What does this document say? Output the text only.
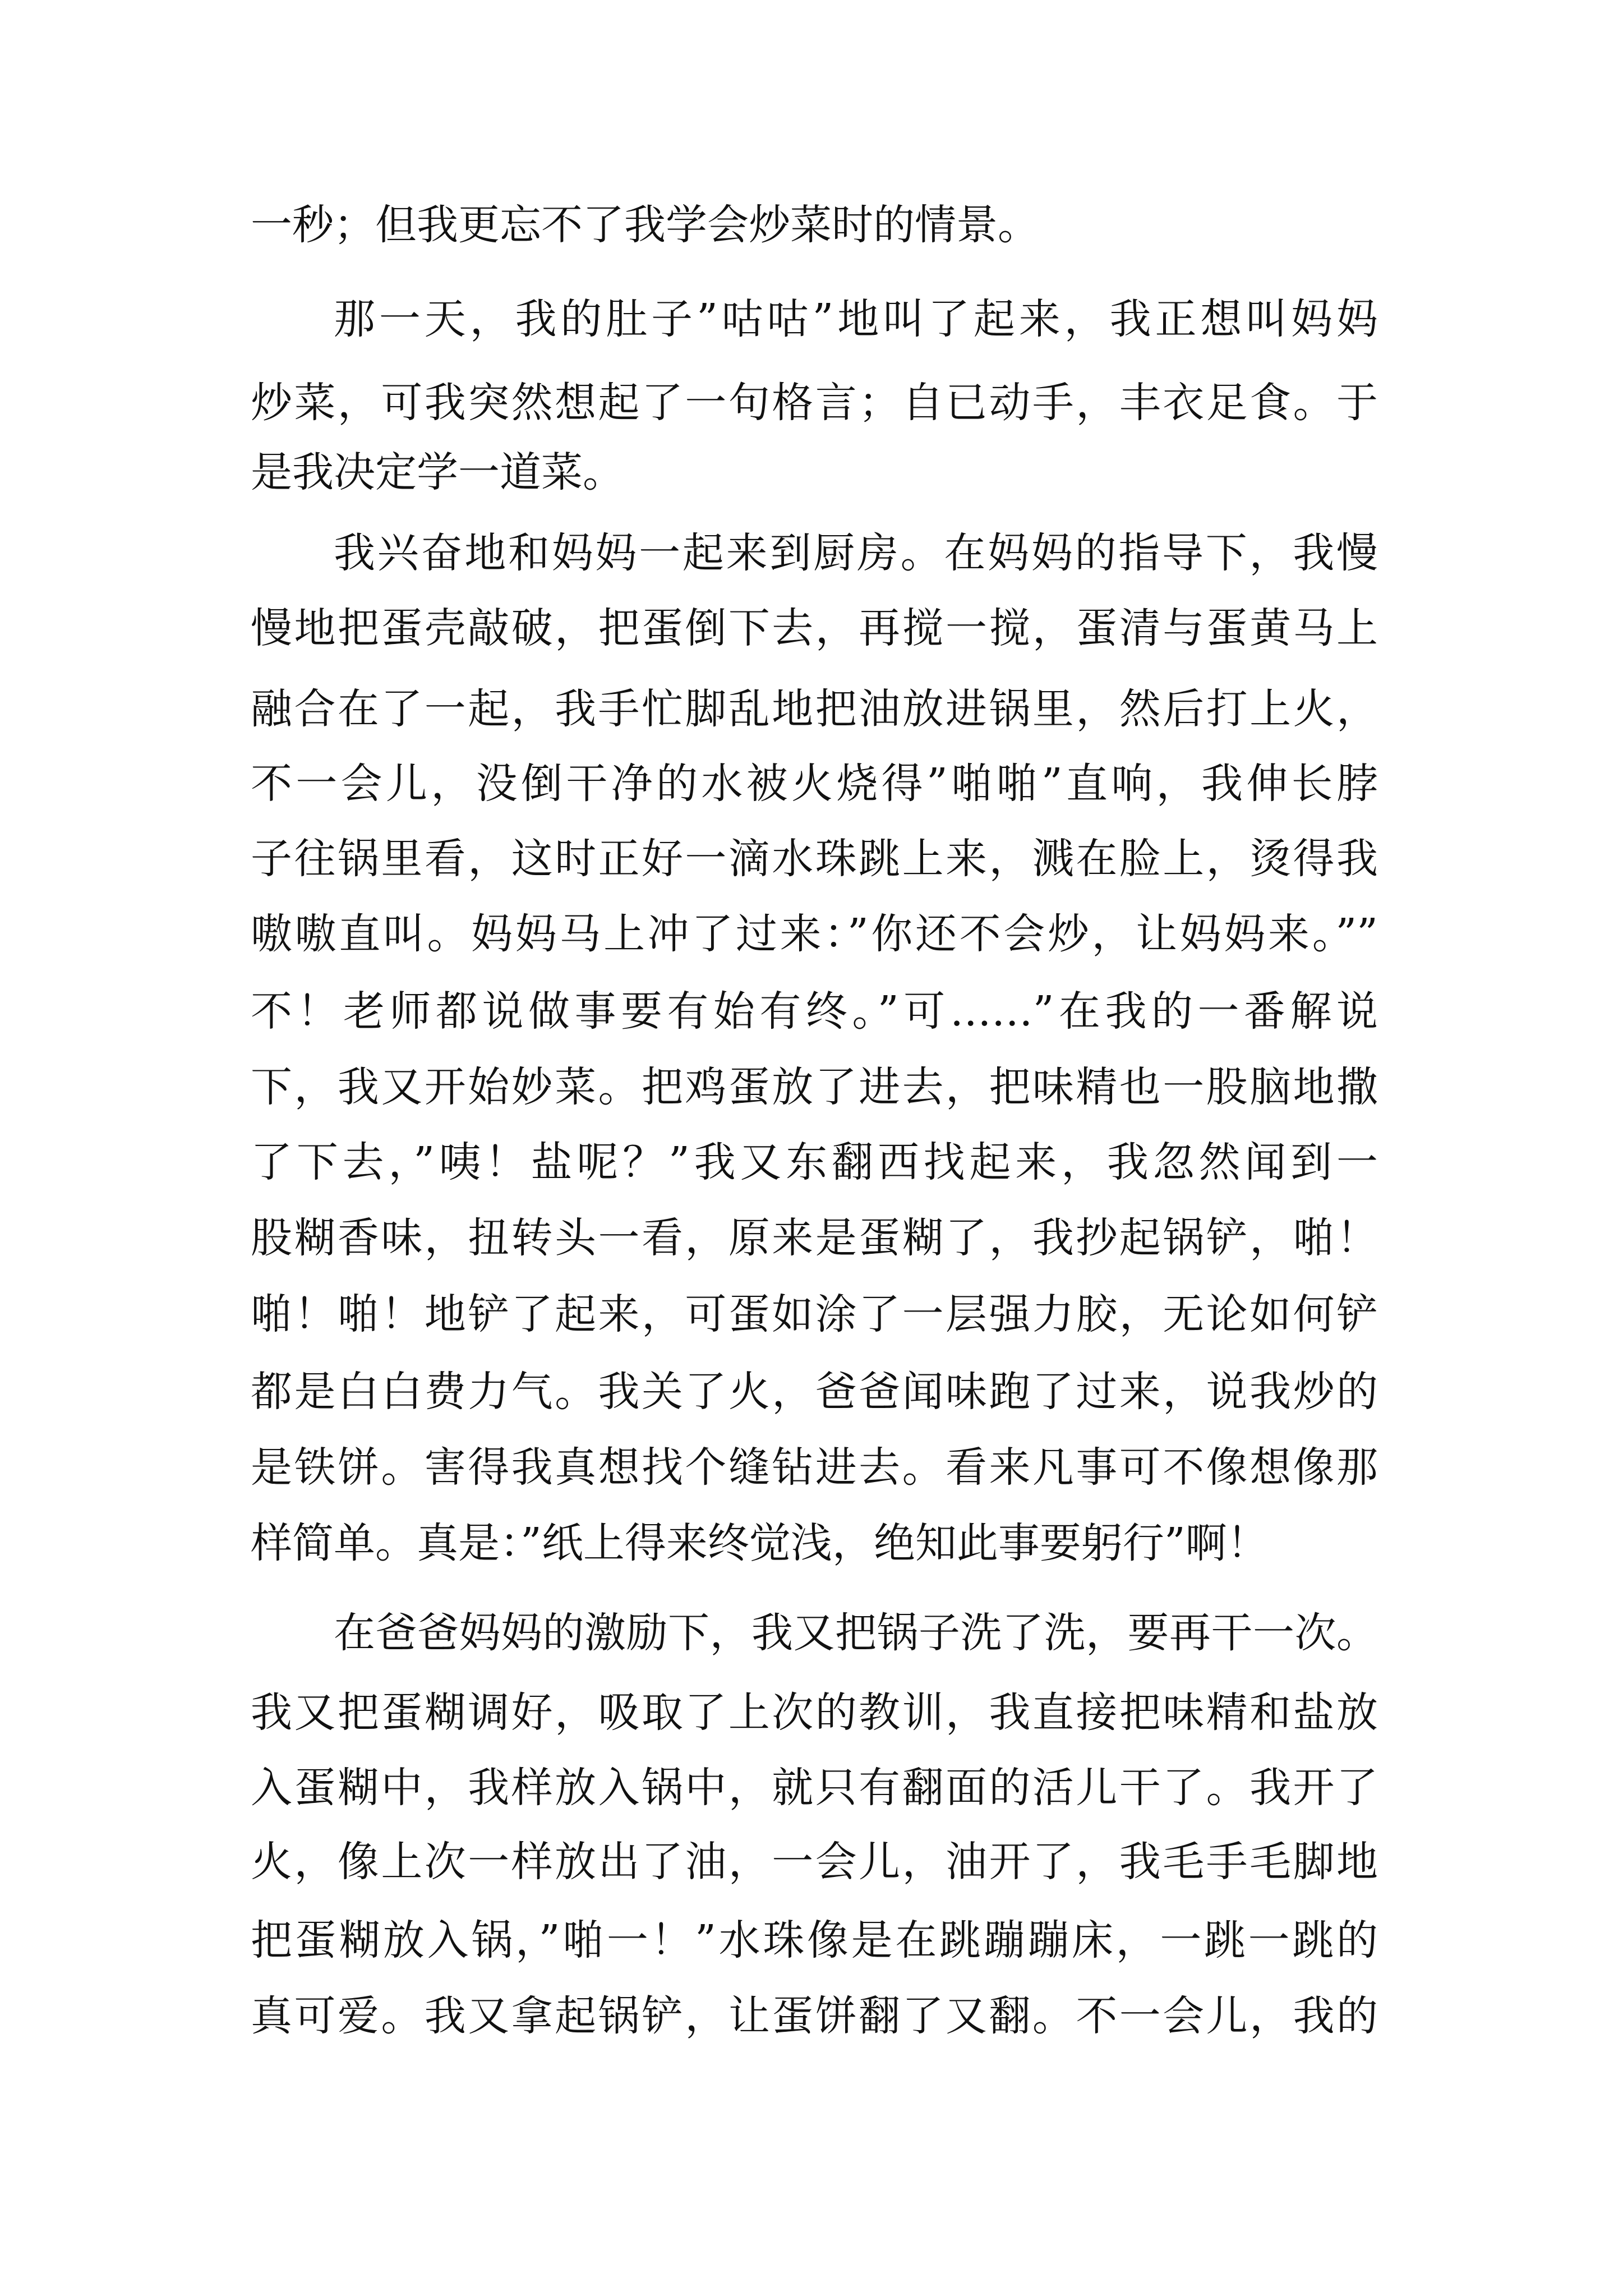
一秒；但我更忘不了我学会炒菜时的情景。
那一天，我的肚子”咕咕”地叫了起来，我正想叫妈妈
炒菜，可我突然想起了一句格言；自已动手，丰衣足食。于
是我决定学一道菜。
我兴奋地和妈妈一起来到厨房。在妈妈的指导下，我慢
慢地把蛋壳敲破，把蛋倒下去，再搅一搅，蛋清与蛋黄马上
融合在了一起，我手忙脚乱地把油放进锅里，然后打上火，
不一会儿，没倒干净的水被火烧得”啪啪”直响，我伸长脖
子往锅里看，这时正好一滴水珠跳上来，溅在脸上，烫得我
嗷嗷直叫。妈妈马上冲了过来：”你还不会炒，让妈妈来。””
不！老师都说做事要有始有终。”可……”在我的一番解说
下，我又开始妙菜。把鸡蛋放了进去，把味精也一股脑地撒
了下去，”咦！盐呢？”我又东翻西找起来，我忽然闻到一
股糊香味，扭转头一看，原来是蛋糊了，我抄起锅铲，啪！
啪！啪！地铲了起来，可蛋如涂了一层强力胶，无论如何铲
都是白白费力气。我关了火，爸爸闻味跑了过来，说我炒的
是铁饼。害得我真想找个缝钻进去。看来凡事可不像想像那
样简单。真是：”纸上得来终觉浅，绝知此事要躬行”啊！
在爸爸妈妈的激励下，我又把锅子洗了洗，要再干一次。
我又把蛋糊调好，吸取了上次的教训，我直接把味精和盐放
入蛋糊中，我样放入锅中，就只有翻面的活儿干了。我开了
火，像上次一样放出了油，一会儿，油开了，我毛手毛脚地
把蛋糊放入锅，”啪一！”水珠像是在跳蹦蹦床，一跳一跳的
真可爱。我又拿起锅铲，让蛋饼翻了又翻。不一会儿，我的
